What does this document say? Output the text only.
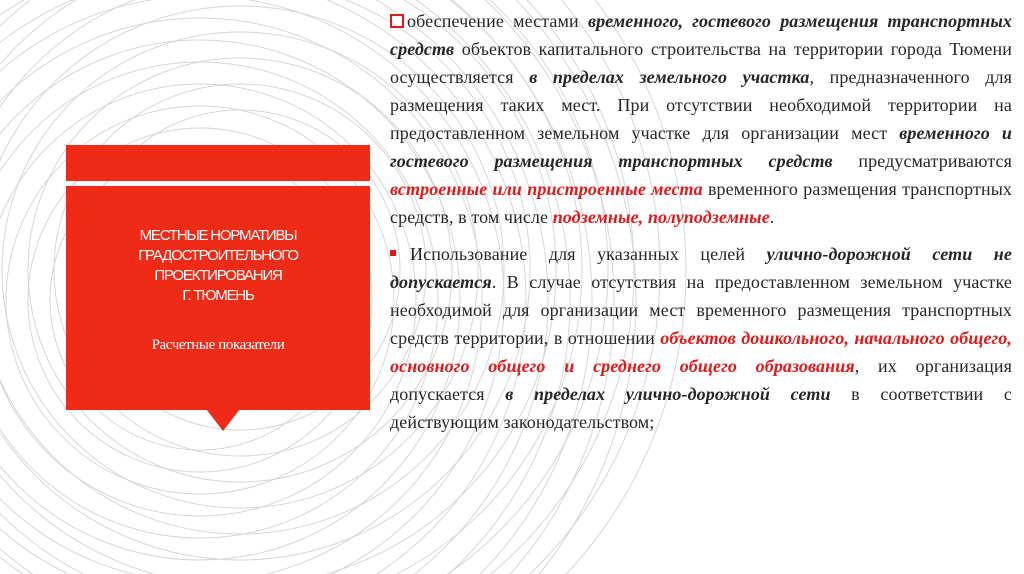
МЕСТНЫЕ НОРМАТИВЫ
ГРАДОСТРОИТЕЛЬНОГО
ПРОЕКТИРОВАНИЯ
Г. ТЮМЕНЬ
Расчетные показатели

обеспечение местами временного, гостевого размещения транспортных средств объектов капитального строительства на территории города Тюмени осуществляется в пределах земельного участка, предназначенного для размещения таких мест. При отсутствии необходимой территории на предоставленном земельном участке для организации мест временного и гостевого размещения транспортных средств предусматриваются встроенные или пристроенные места временного размещения транспортных средств, в том числе подземные, полуподземные.

Использование для указанных целей улично-дорожной сети не допускается. В случае отсутствия на предоставленном земельном участке необходимой для организации мест временного размещения транспортных средств территории, в отношении объектов дошкольного, начального общего, основного общего и среднего общего образования, их организация допускается в пределах улично-дорожной сети в соответствии с действующим законодательством;
